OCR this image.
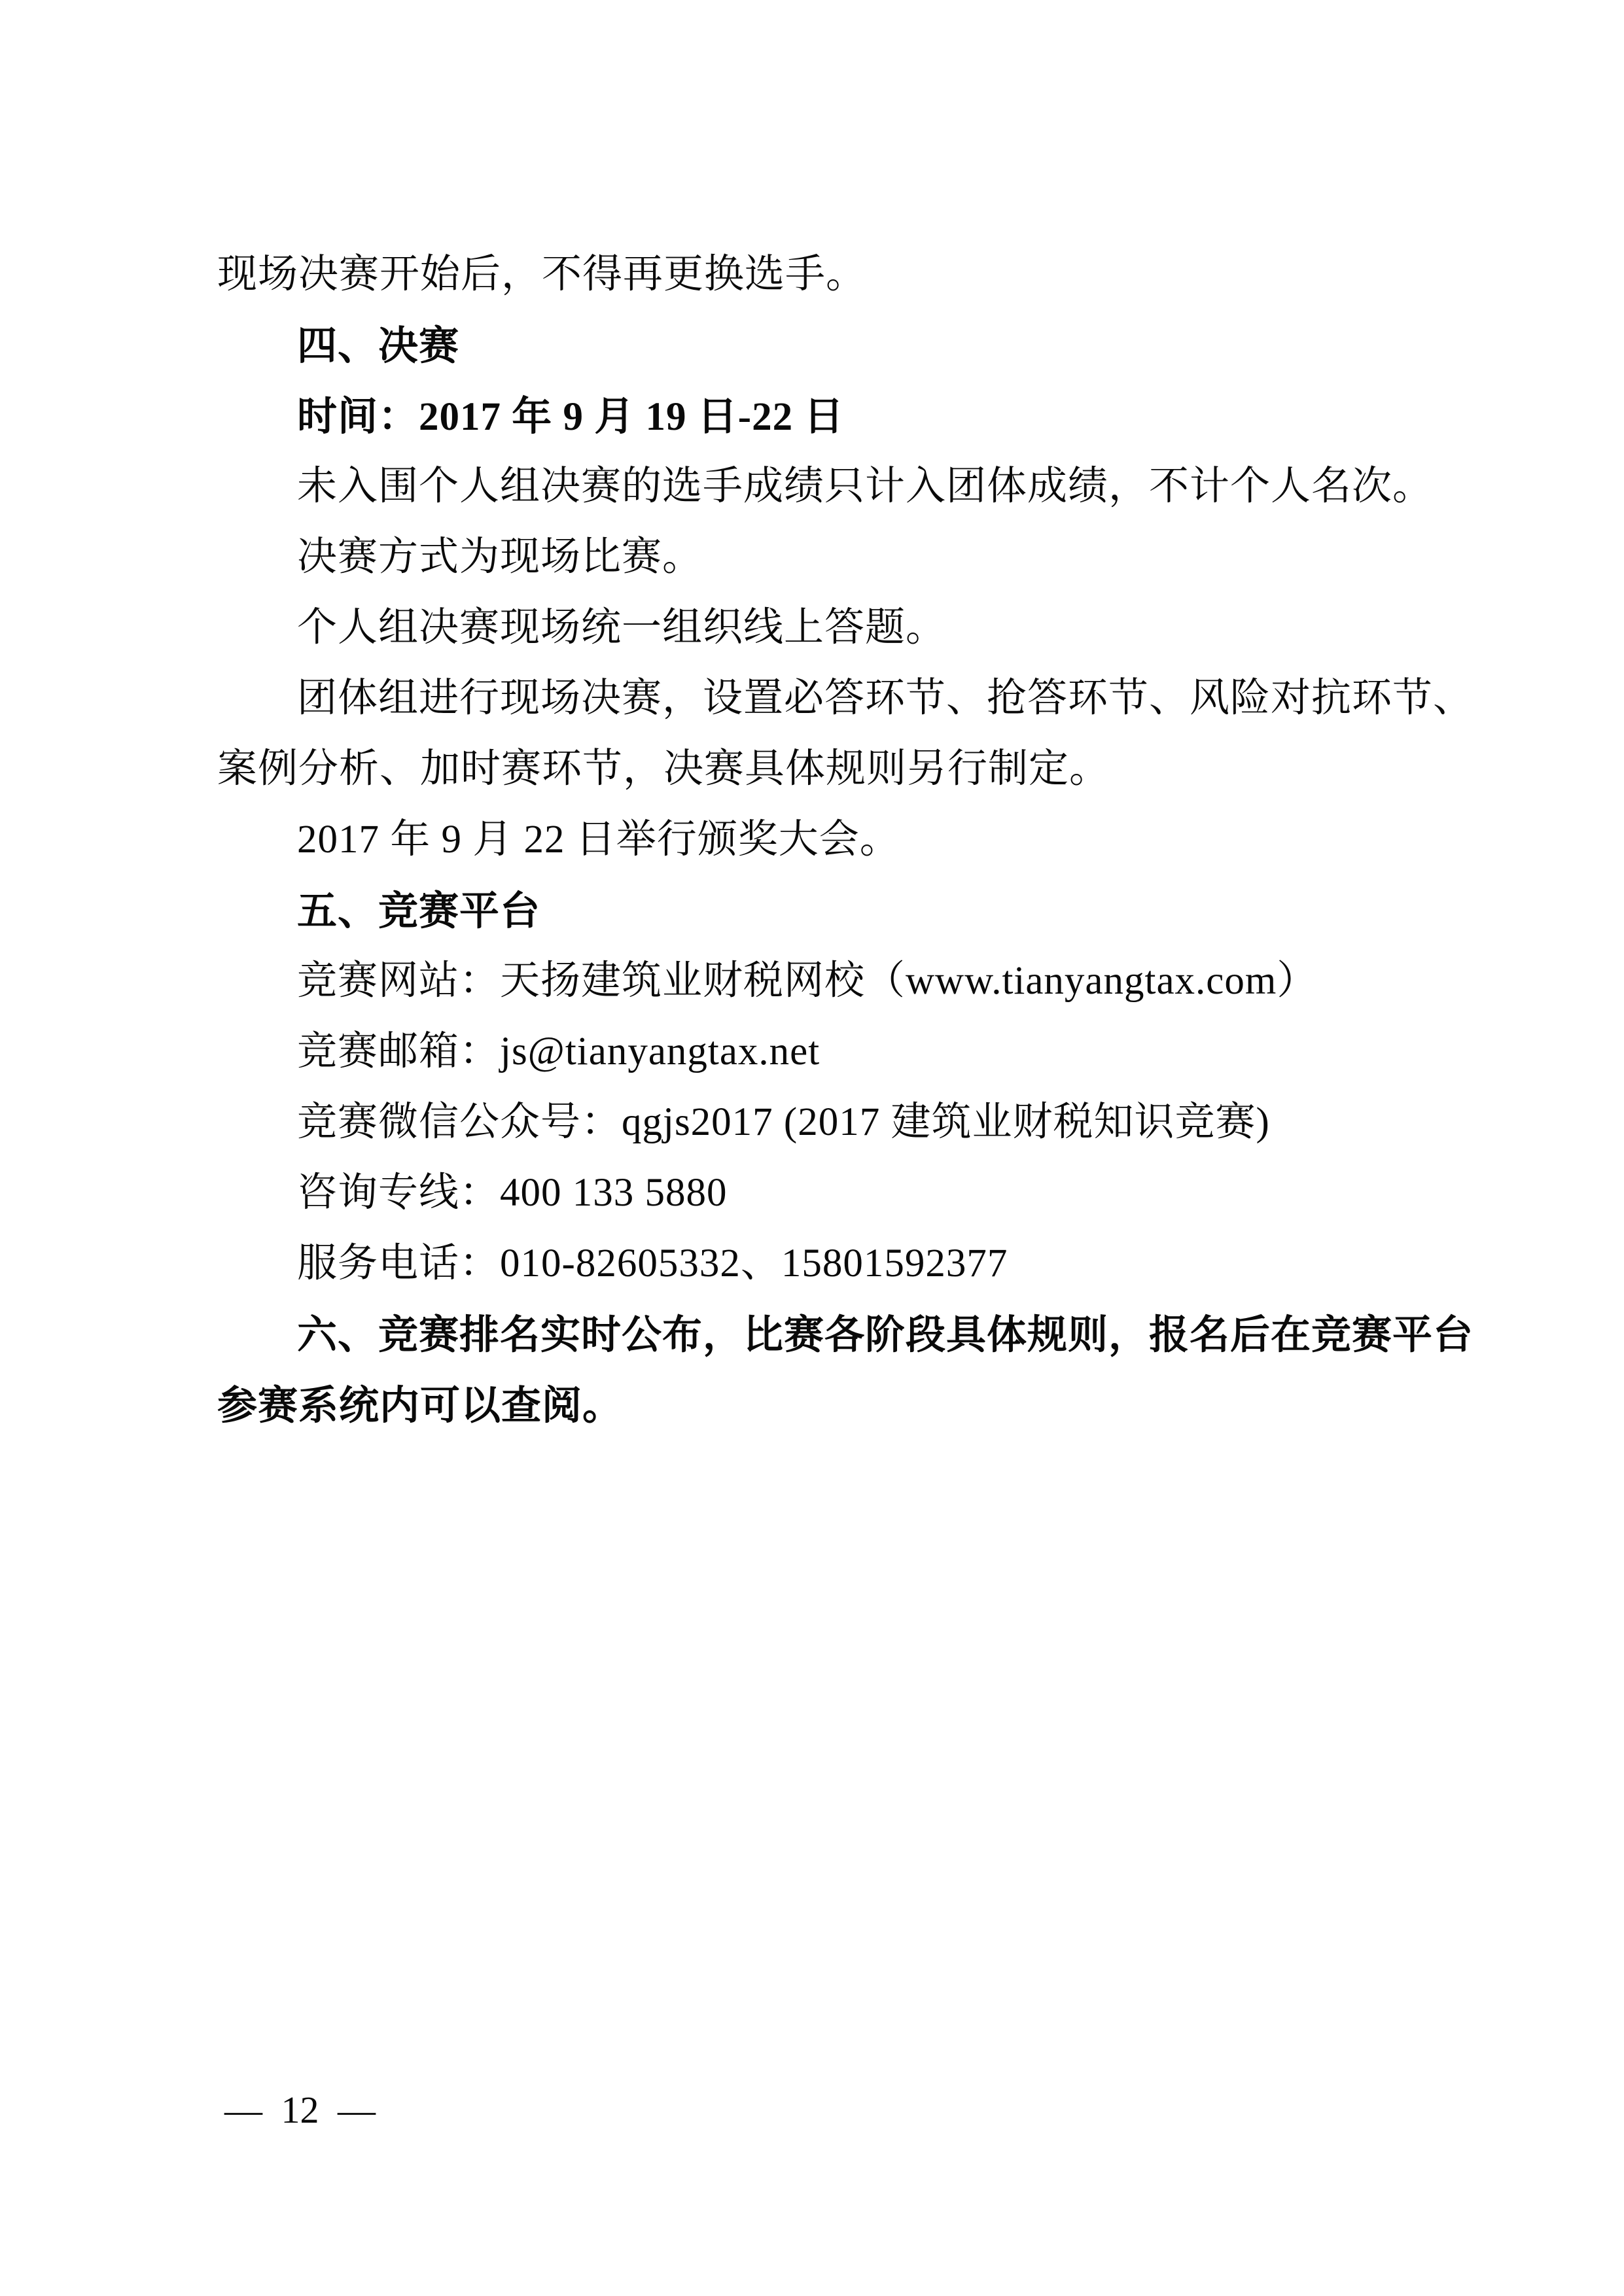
现场决赛开始后，不得再更换选手。
四、决赛
时间：2017 年 9 月 19 日-22 日
未入围个人组决赛的选手成绩只计入团体成绩，不计个人名次。
决赛方式为现场比赛。
个人组决赛现场统一组织线上答题。
团体组进行现场决赛，设置必答环节、抢答环节、风险对抗环节、
案例分析、加时赛环节，决赛具体规则另行制定。
2017 年 9 月 22 日举行颁奖大会。
五、竞赛平台
竞赛网站：天扬建筑业财税网校（www.tianyangtax.com）
竞赛邮箱：js@tianyangtax.net
竞赛微信公众号：qgjs2017 (2017 建筑业财税知识竞赛)
咨询专线：400 133 5880
服务电话：010-82605332、15801592377
六、竞赛排名实时公布，比赛各阶段具体规则，报名后在竞赛平台
参赛系统内可以查阅。
— 12 —
